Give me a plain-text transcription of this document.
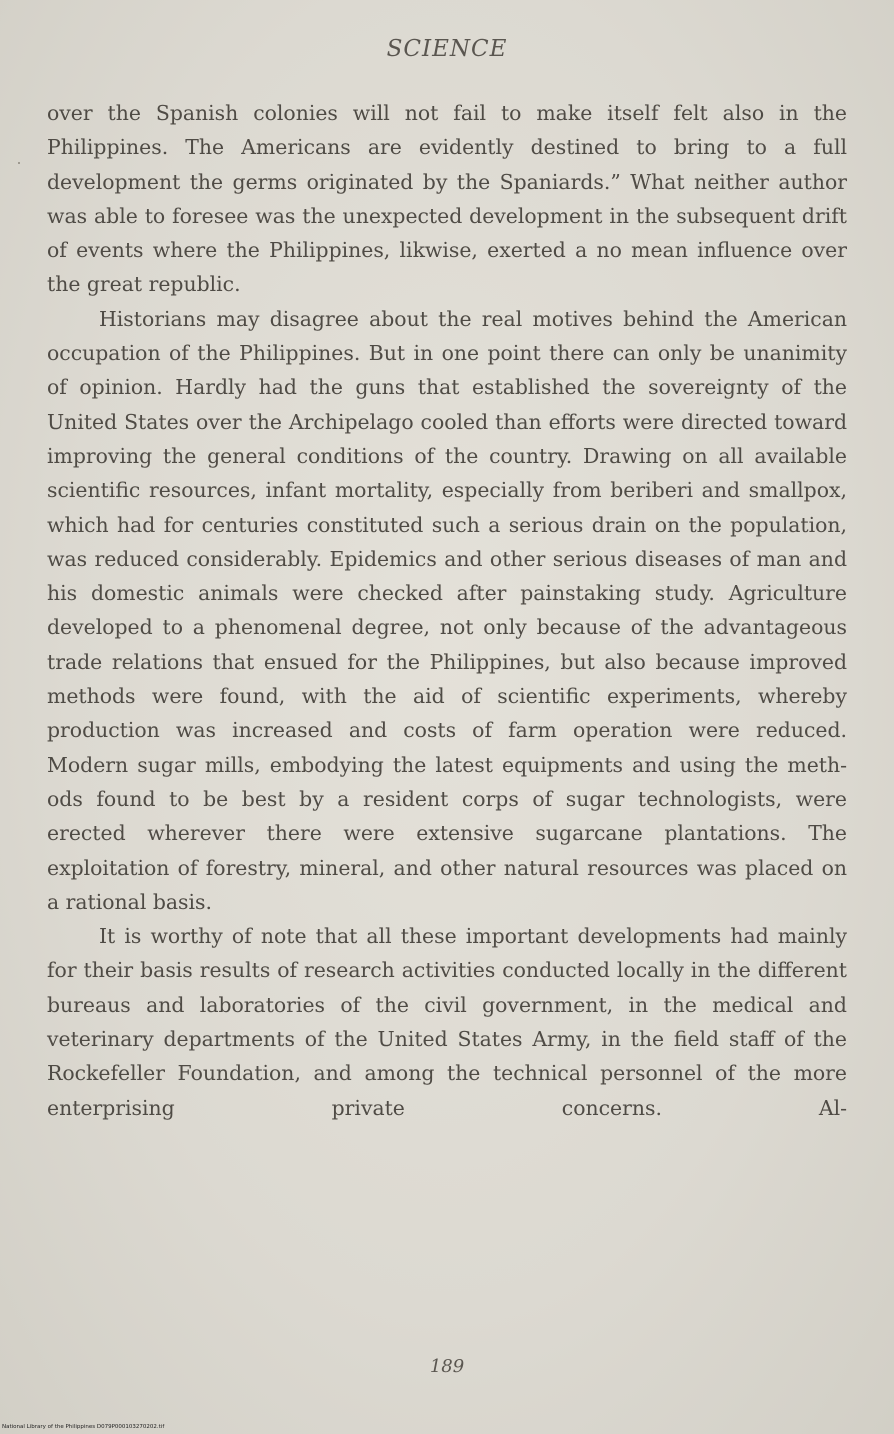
SCIENCE

over the Spanish colonies will not fail to make itself felt also in the Philippines. The Americans are evidently destined to bring to a full development the germs originated by the Spaniards.” What neither author was able to foresee was the unexpected development in the subsequent drift of events where the Philippines, likwise, exerted a no mean influence over the great republic.

Historians may disagree about the real motives behind the American occupation of the Philippines. But in one point there can only be unanimity of opinion. Hardly had the guns that established the sovereignty of the United States over the Archipelago cooled than efforts were directed toward improving the general conditions of the country. Drawing on all available scientific resources, infant mortality, especially from beriberi and smallpox, which had for centuries constituted such a serious drain on the population, was reduced considerably. Epidemics and other serious diseases of man and his domestic animals were checked after painstaking study. Agriculture developed to a phenomenal degree, not only because of the advantageous trade relations that ensued for the Philippines, but also because improved methods were found, with the aid of scientific experiments, whereby production was increased and costs of farm operation were reduced. Modern sugar mills, embodying the latest equipments and using the methods found to be best by a resident corps of sugar technologists, were erected wherever there were extensive sugarcane plantations. The exploitation of forestry, mineral, and other natural resources was placed on a rational basis.

It is worthy of note that all these important developments had mainly for their basis results of research activities conducted locally in the different bureaus and laboratories of the civil government, in the medical and veterinary departments of the United States Army, in the field staff of the Rockefeller Foundation, and among the technical personnel of the more enterprising private concerns. Al-

189
National Library of the Philippines D079P000103270202.tif
